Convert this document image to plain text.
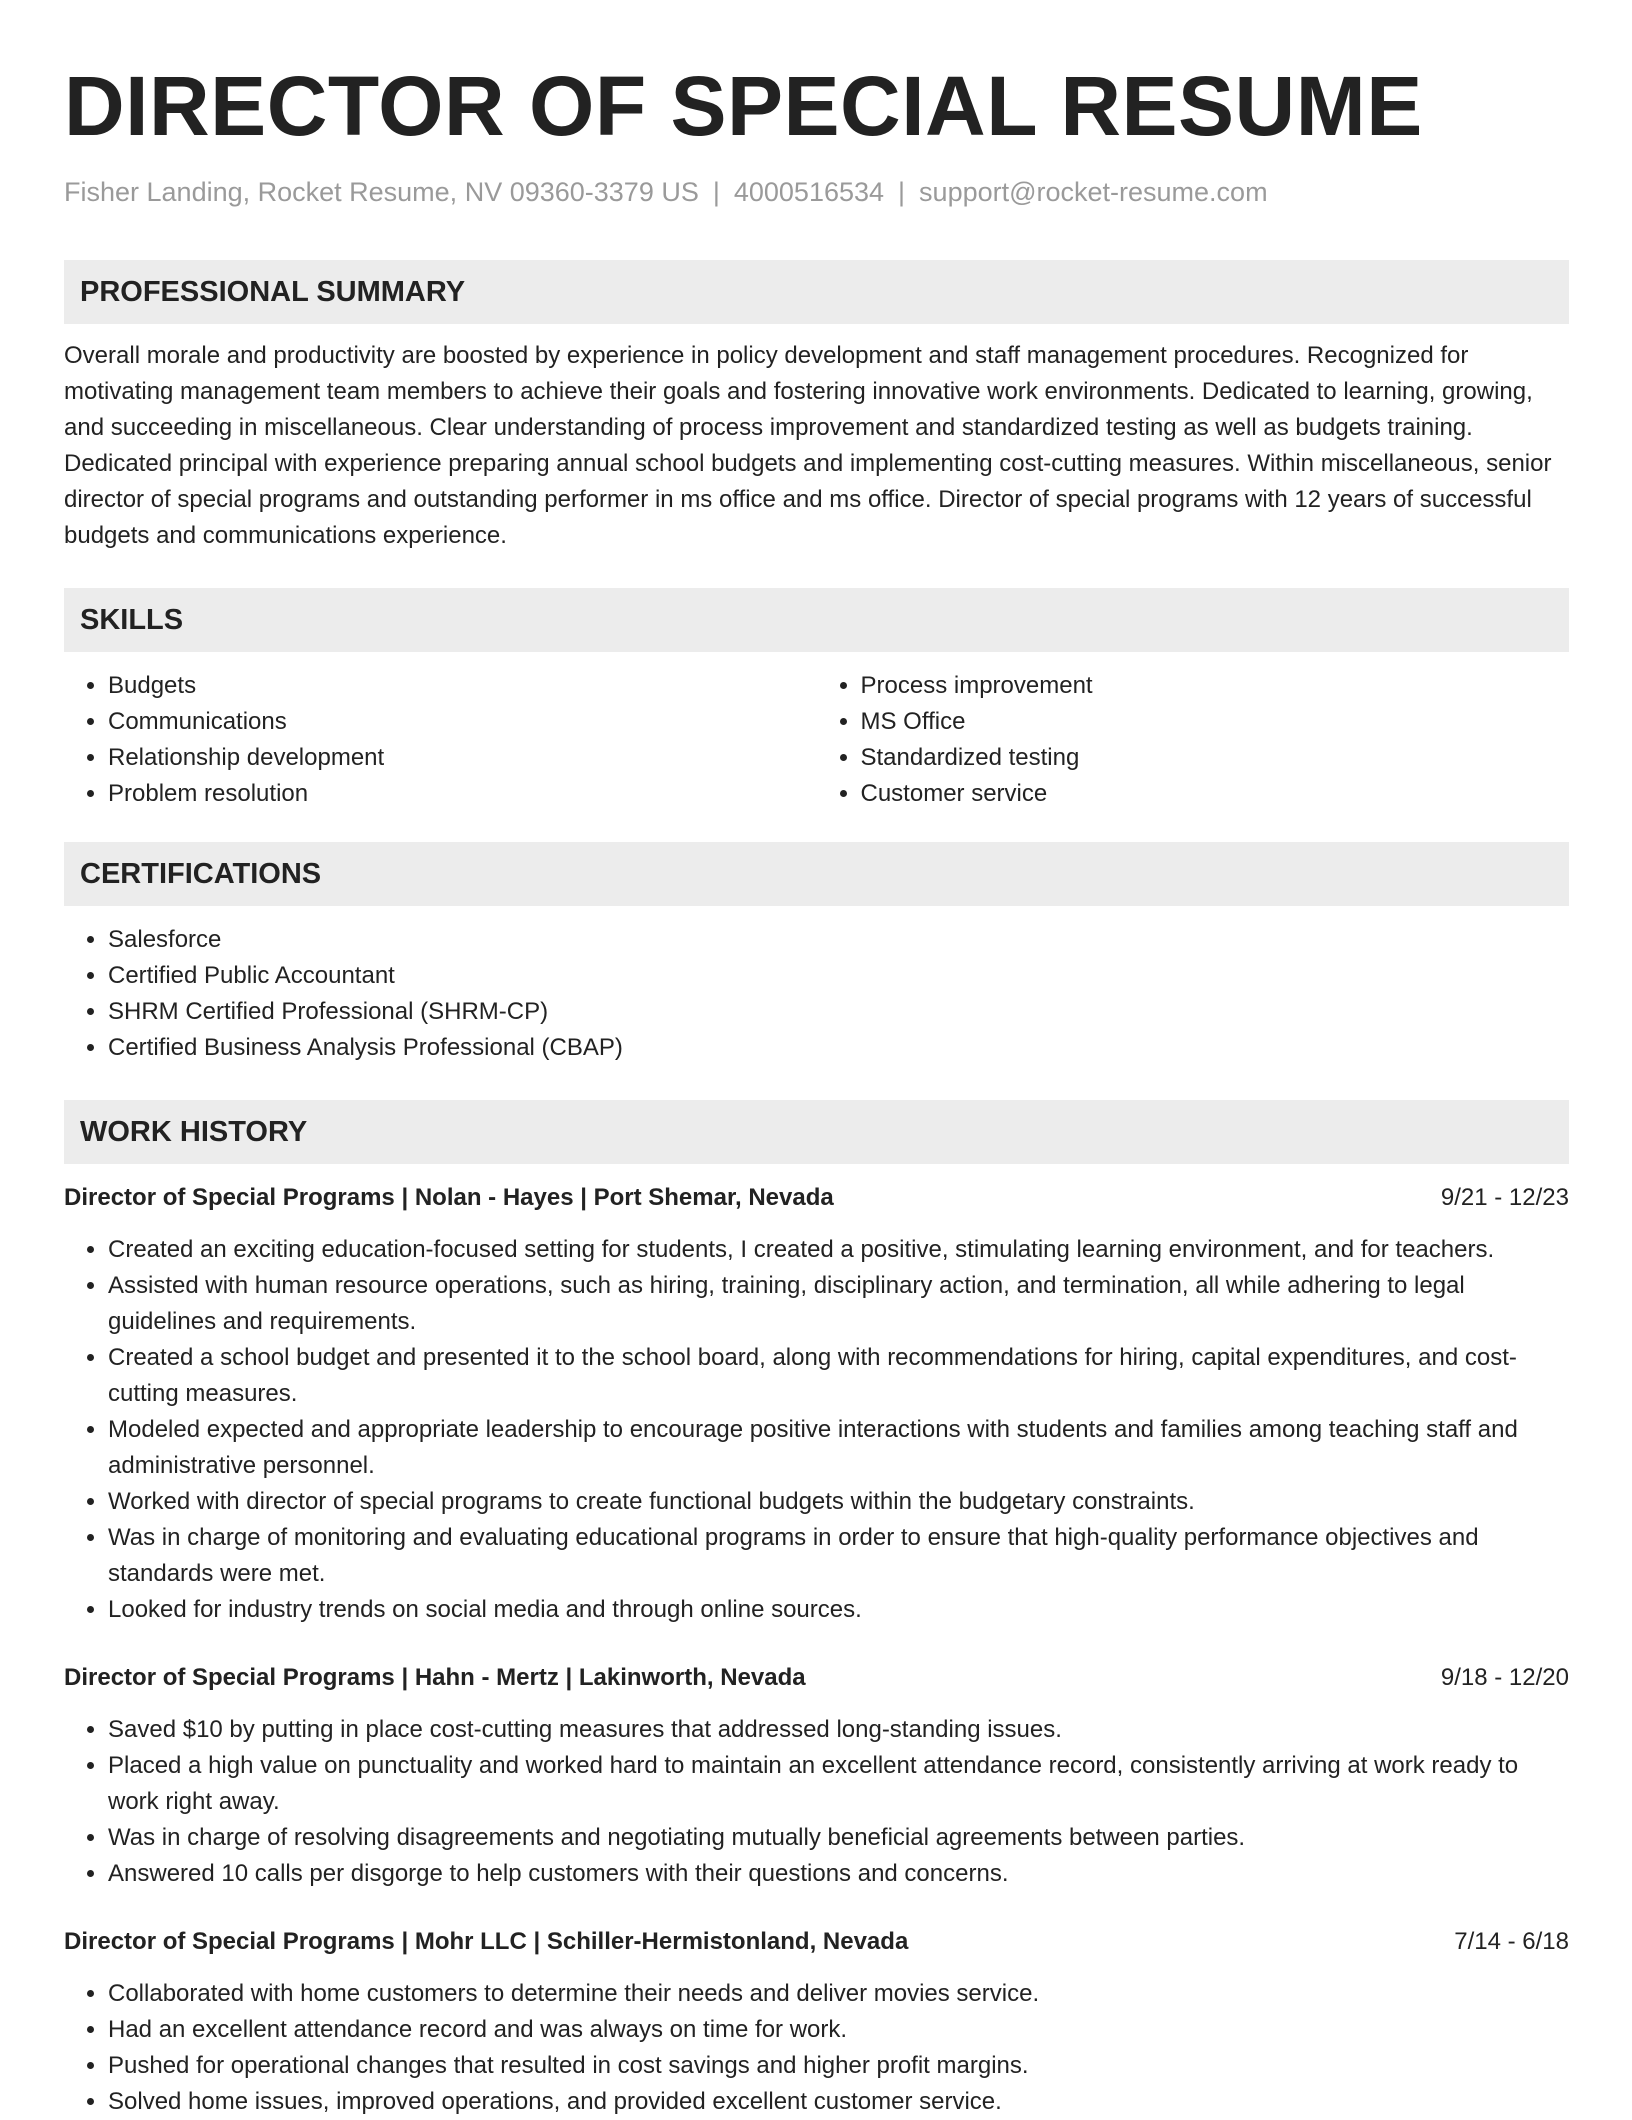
DIRECTOR OF SPECIAL RESUME
Fisher Landing, Rocket Resume, NV 09360-3379 US | 4000516534 | support@rocket-resume.com
PROFESSIONAL SUMMARY

Overall morale and productivity are boosted by experience in policy development and staff management procedures. Recognized for motivating management team members to achieve their goals and fostering innovative work environments. Dedicated to learning, growing, and succeeding in miscellaneous. Clear understanding of process improvement and standardized testing as well as budgets training. Dedicated principal with experience preparing annual school budgets and implementing cost-cutting measures. Within miscellaneous, senior director of special programs and outstanding performer in ms office and ms office. Director of special programs with 12 years of successful budgets and communications experience.

SKILLS
• Budgets
• Communications
• Relationship development
• Problem resolution
• Process improvement
• MS Office
• Standardized testing
• Customer service
CERTIFICATIONS
• Salesforce
• Certified Public Accountant
• SHRM Certified Professional (SHRM-CP)
• Certified Business Analysis Professional (CBAP)
WORK HISTORY
Director of Special Programs | Nolan - Hayes | Port Shemar, Nevada	9/21 - 12/23
• Created an exciting education-focused setting for students, I created a positive, stimulating learning environment, and for teachers.
• Assisted with human resource operations, such as hiring, training, disciplinary action, and termination, all while adhering to legal guidelines and requirements.
• Created a school budget and presented it to the school board, along with recommendations for hiring, capital expenditures, and cost-cutting measures.
• Modeled expected and appropriate leadership to encourage positive interactions with students and families among teaching staff and administrative personnel.
• Worked with director of special programs to create functional budgets within the budgetary constraints.
• Was in charge of monitoring and evaluating educational programs in order to ensure that high-quality performance objectives and standards were met.
• Looked for industry trends on social media and through online sources.
Director of Special Programs | Hahn - Mertz | Lakinworth, Nevada	9/18 - 12/20
• Saved $10 by putting in place cost-cutting measures that addressed long-standing issues.
• Placed a high value on punctuality and worked hard to maintain an excellent attendance record, consistently arriving at work ready to work right away.
• Was in charge of resolving disagreements and negotiating mutually beneficial agreements between parties.
• Answered 10 calls per disgorge to help customers with their questions and concerns.
Director of Special Programs | Mohr LLC | Schiller-Hermistonland, Nevada	7/14 - 6/18
• Collaborated with home customers to determine their needs and deliver movies service.
• Had an excellent attendance record and was always on time for work.
• Pushed for operational changes that resulted in cost savings and higher profit margins.
• Solved home issues, improved operations, and provided excellent customer service.
